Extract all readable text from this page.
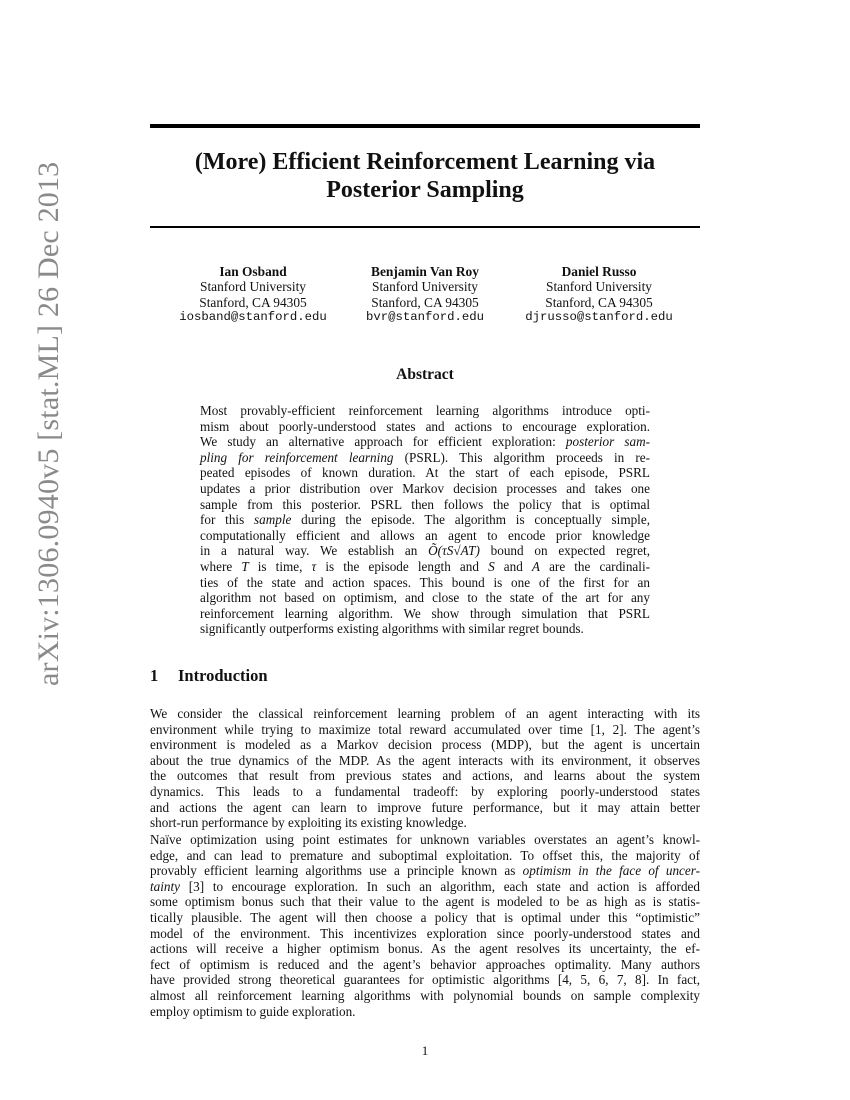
arXiv:1306.0940v5 [stat.ML] 26 Dec 2013	(More) Efficient Reinforcement Learning via
Posterior Sampling
Ian Osband
Stanford University
Stanford, CA 94305
iosband@stanford.edu
Benjamin Van Roy
Stanford University
Stanford, CA 94305
bvr@stanford.edu
Daniel Russo
Stanford University
Stanford, CA 94305
djrusso@stanford.edu
Abstract
Most provably-efficient reinforcement learning algorithms introduce opti-
mism about poorly-understood states and actions to encourage exploration.
We study an alternative approach for efficient exploration: posterior sam-
pling for reinforcement learning (PSRL). This algorithm proceeds in re-
peated episodes of known duration. At the start of each episode, PSRL
updates a prior distribution over Markov decision processes and takes one
sample from this posterior. PSRL then follows the policy that is optimal
for this sample during the episode. The algorithm is conceptually simple,
computationally efficient and allows an agent to encode prior knowledge
in a natural way. We establish an Õ(τS√AT) bound on expected regret,
where T is time, τ is the episode length and S and A are the cardinali-
ties of the state and action spaces. This bound is one of the first for an
algorithm not based on optimism, and close to the state of the art for any
reinforcement learning algorithm. We show through simulation that PSRL
significantly outperforms existing algorithms with similar regret bounds.
1 Introduction
We consider the classical reinforcement learning problem of an agent interacting with its
environment while trying to maximize total reward accumulated over time [1, 2]. The agent’s
environment is modeled as a Markov decision process (MDP), but the agent is uncertain
about the true dynamics of the MDP. As the agent interacts with its environment, it observes
the outcomes that result from previous states and actions, and learns about the system
dynamics. This leads to a fundamental tradeoff: by exploring poorly-understood states
and actions the agent can learn to improve future performance, but it may attain better
short-run performance by exploiting its existing knowledge.
Naïve optimization using point estimates for unknown variables overstates an agent’s knowl-
edge, and can lead to premature and suboptimal exploitation. To offset this, the majority of
provably efficient learning algorithms use a principle known as optimism in the face of uncer-
tainty [3] to encourage exploration. In such an algorithm, each state and action is afforded
some optimism bonus such that their value to the agent is modeled to be as high as is statis-
tically plausible. The agent will then choose a policy that is optimal under this “optimistic”
model of the environment. This incentivizes exploration since poorly-understood states and
actions will receive a higher optimism bonus. As the agent resolves its uncertainty, the ef-
fect of optimism is reduced and the agent’s behavior approaches optimality. Many authors
have provided strong theoretical guarantees for optimistic algorithms [4, 5, 6, 7, 8]. In fact,
almost all reinforcement learning algorithms with polynomial bounds on sample complexity
employ optimism to guide exploration.
1
